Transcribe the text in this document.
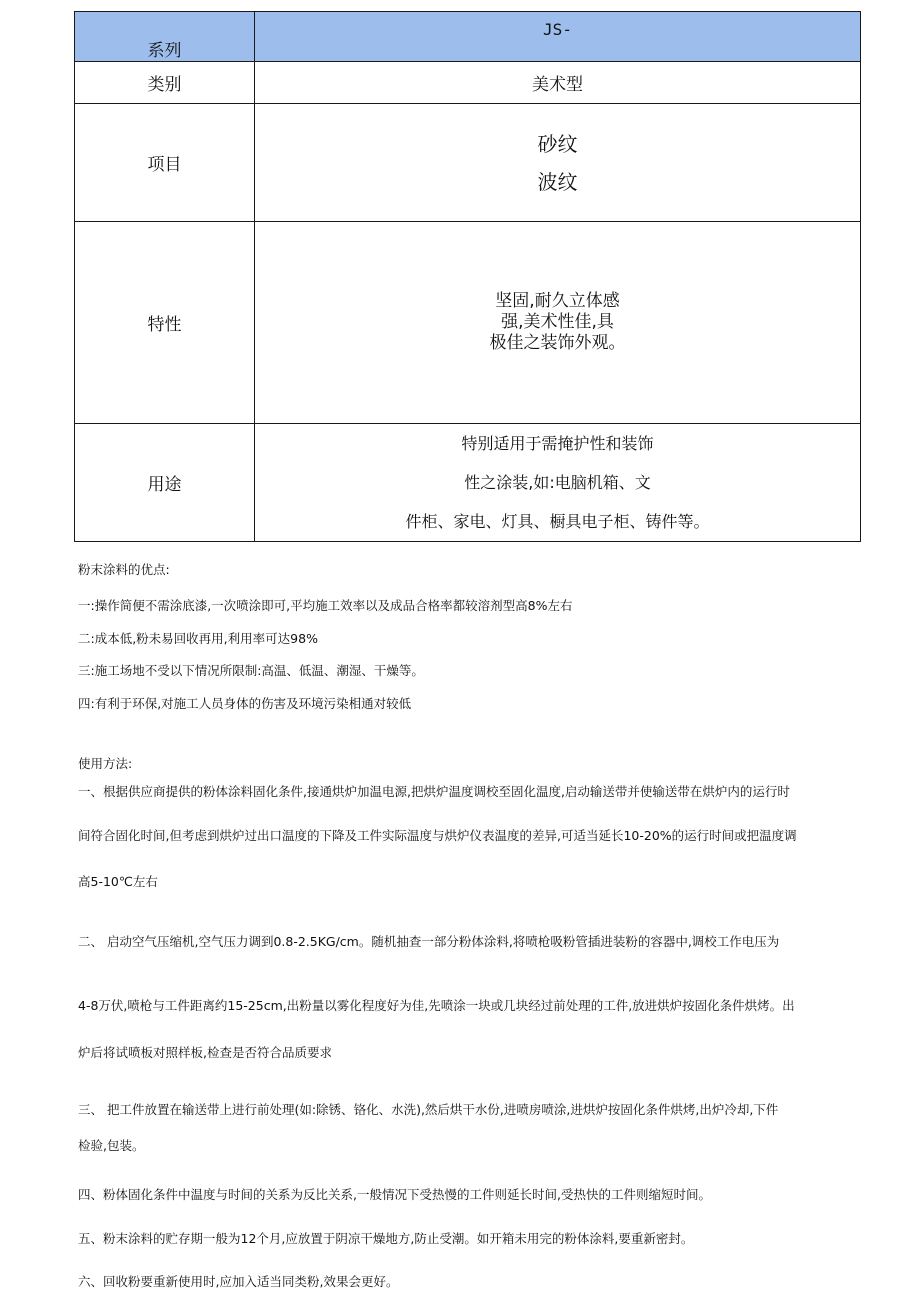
系列	JS-
类别	美术型
项目	砂纹
波纹

特性	坚固,耐久立体感
强,美术性佳,具
极佳之装饰外观。

用途	特别适用于需掩护性和装饰
性之涂装,如:电脑机箱、文
件柜、家电、灯具、橱具电子柜、铸件等。
粉末涂料的优点:
一:操作简便不需涂底漆,一次喷涂即可,平均施工效率以及成品合格率都较溶剂型高8%左右
二:成本低,粉未易回收再用,利用率可达98%
三:施工场地不受以下情况所限制:高温、低温、潮湿、干燥等。
四:有利于环保,对施工人员身体的伤害及环境污染相通对较低
使用方法:
一、根据供应商提供的粉体涂料固化条件,接通烘炉加温电源,把烘炉温度调校至固化温度,启动输送带并使输送带在烘炉内的运行时
间符合固化时间,但考虑到烘炉过出口温度的下降及工件实际温度与烘炉仪表温度的差异,可适当延长10-20%的运行时间或把温度调
高5-10℃左右
二、 启动空气压缩机,空气压力调到0.8-2.5KG/cm。随机抽查一部分粉体涂料,将喷枪吸粉管插进装粉的容器中,调校工作电压为
4-8万伏,喷枪与工件距离约15-25cm,出粉量以雾化程度好为佳,先喷涂一块或几块经过前处理的工件,放进烘炉按固化条件烘烤。出
炉后将试喷板对照样板,检查是否符合品质要求
三、 把工件放置在输送带上进行前处理(如:除锈、铬化、水洗),然后烘干水份,进喷房喷涂,进烘炉按固化条件烘烤,出炉冷却,下件
检验,包装。
四、粉体固化条件中温度与时间的关系为反比关系,一般情况下受热慢的工件则延长时间,受热快的工件则缩短时间。
五、粉末涂料的贮存期一般为12个月,应放置于阴凉干燥地方,防止受潮。如开箱未用完的粉体涂料,要重新密封。
六、回收粉要重新使用时,应加入适当同类粉,效果会更好。
